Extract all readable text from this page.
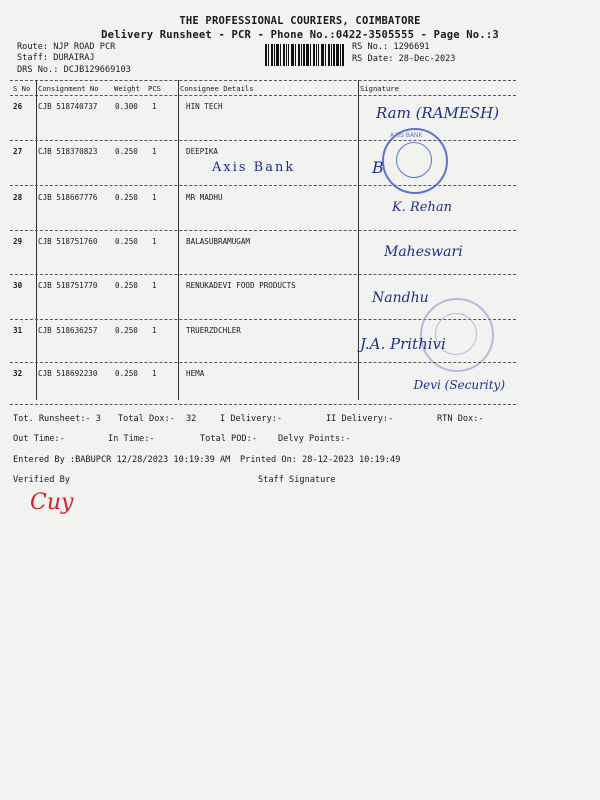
THE PROFESSIONAL COURIERS, COIMBATORE
Delivery Runsheet - PCR - Phone No.:0422-3505555 - Page No.:3
Route: NJP ROAD PCR
Staff: DURAIRAJ
DRS No.: DCJB129669103
RS No.: 1296691
RS Date: 28-Dec-2023
S No Consignment No Weight PCS	Consignee Details	Signature
26 CJB 518740737 0.300 1	HIN TECH	Ram (RAMESH)
27 CJB 518370823 0.250 1	DEEPIKA
Axis Bank	B
AXIS BANK
28 CJB 518667776 0.250 1	MR MADHU
K. Rehan
29 CJB 518751760 0.250 1	BALASUBRAMUGAM
Maheswari
30 CJB 518751770 0.250 1	RENUKADEVI FOOD PRODUCTS
Nandhu
31 CJB 518636257 0.250 1	TRUERZDCHLER
J.A. Prithivi
32 CJB 518692230 0.250 1	HEMA
Devi (Security)
Tot. Runsheet:- 3 Total Dox:- 32	I Delivery:-	II Delivery:-	RTN Dox:-
Out Time:-	In Time:-	Total POD:- Delvy Points:-
Entered By :BABUPCR 12/28/2023 10:19:39 AM Printed On: 28-12-2023 10:19:49
Verified By	Staff Signature
Cuy
